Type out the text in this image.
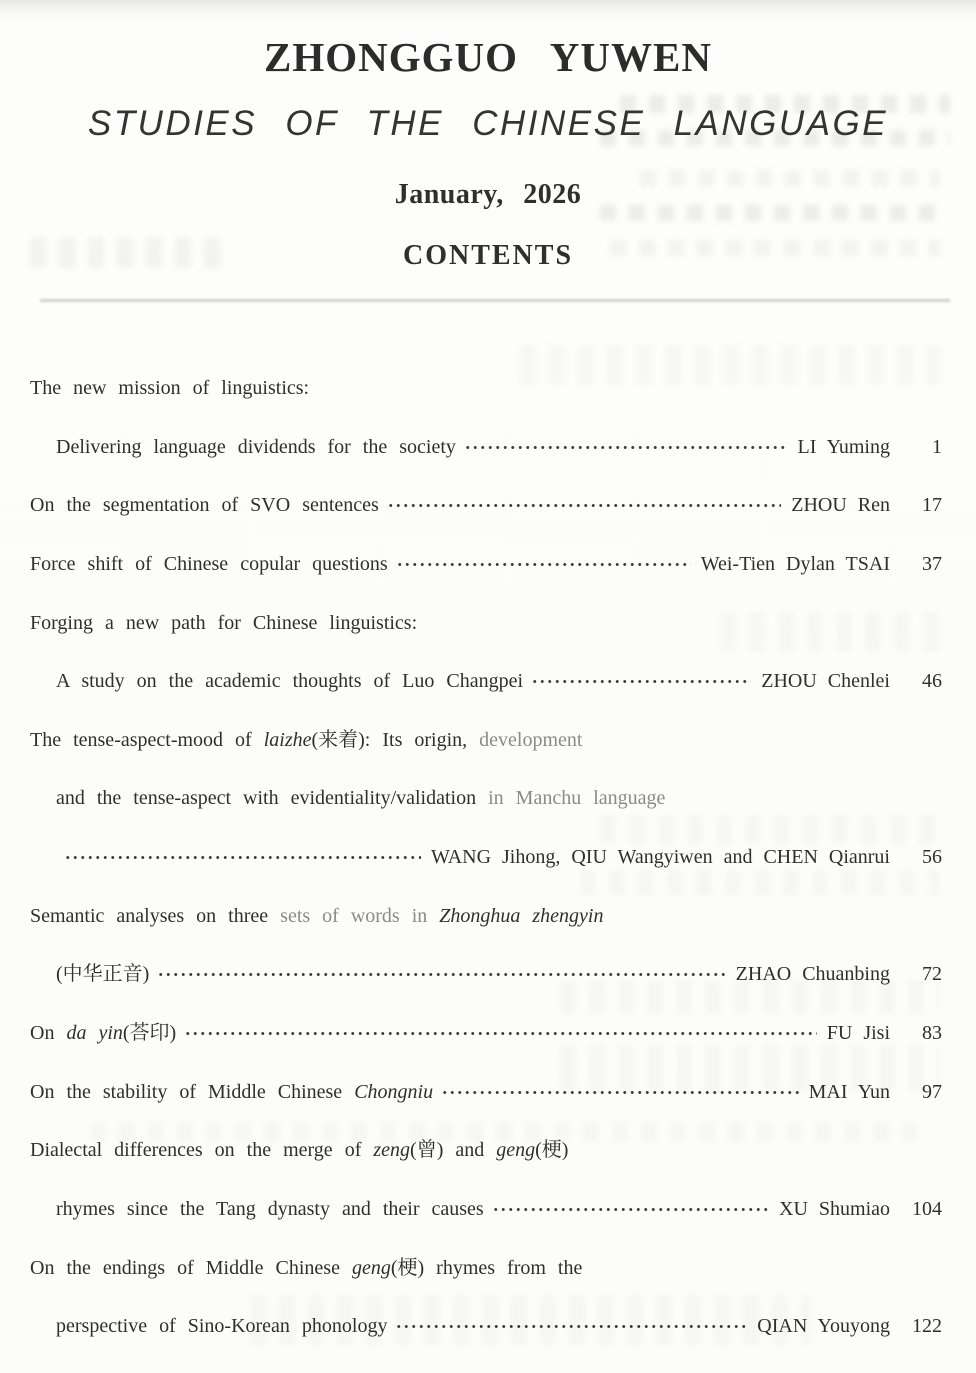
ZHONGGUO YUWEN
STUDIES OF THE CHINESE LANGUAGE
January, 2026
CONTENTS
The new mission of linguistics:
Delivering language dividends for the society	LI Yuming	1
On the segmentation of SVO sentences	ZHOU Ren	17
Force shift of Chinese copular questions	Wei-Tien Dylan TSAI	37
Forging a new path for Chinese linguistics:
A study on the academic thoughts of Luo Changpei	ZHOU Chenlei	46
The tense-aspect-mood of laizhe(来着): Its origin, development
and the tense-aspect with evidentiality/validation in Manchu language
WANG Jihong, QIU Wangyiwen and CHEN Qianrui	56
Semantic analyses on three sets of words in Zhonghua zhengyin
(中华正音)	ZHAO Chuanbing	72
On da yin(荅印)	FU Jisi	83
On the stability of Middle Chinese Chongniu	MAI Yun	97
Dialectal differences on the merge of zeng(曾) and geng(梗)
rhymes since the Tang dynasty and their causes	XU Shumiao	104
On the endings of Middle Chinese geng(梗) rhymes from the
perspective of Sino-Korean phonology	QIAN Youyong	122
